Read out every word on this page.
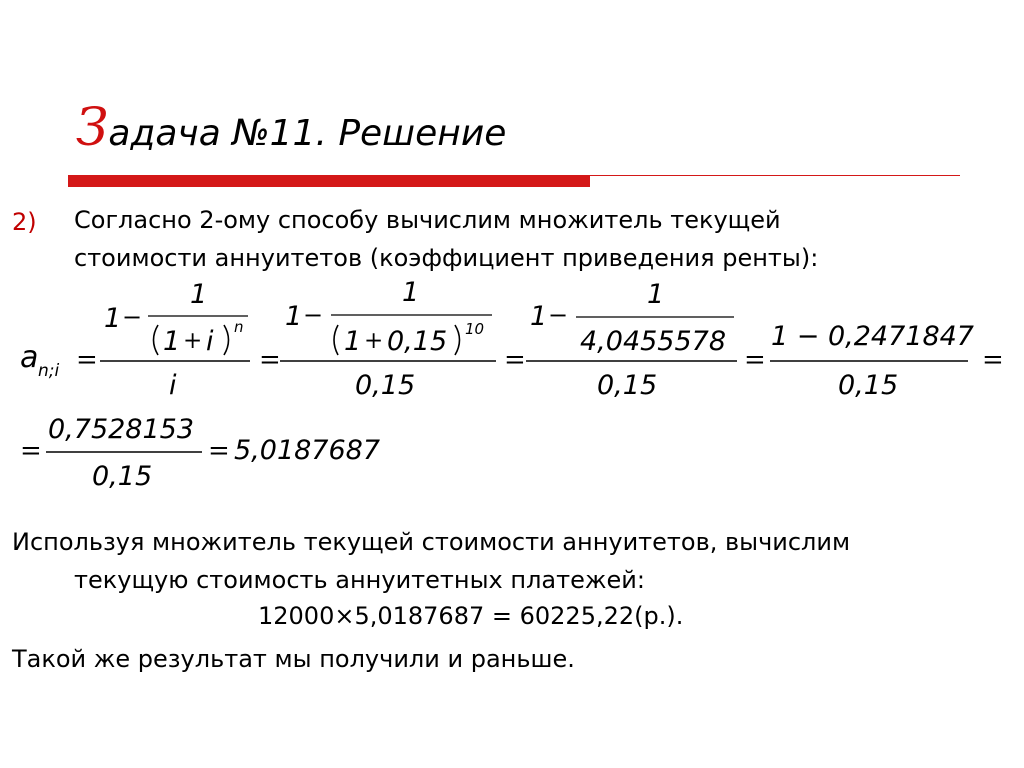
Задача №11. Решение
2) Согласно 2-ому способу вычислим множитель текущей
стоимости аннуитетов (коэффициент приведения ренты):
a n;i =
1 −
1
1 + i n
i
=
1 −
1
1 + 0,15 10
0,15
=
1 −
1
4,0455578
0,15
=
1 − 0,2471847
0,15
=
=
0,7528153
0,15
= 5,0187687
Используя множитель текущей стоимости аннуитетов, вычислим
текущую стоимость аннуитетных платежей:
12000×5,0187687 = 60225,22(р.).
Такой же результат мы получили и раньше.
